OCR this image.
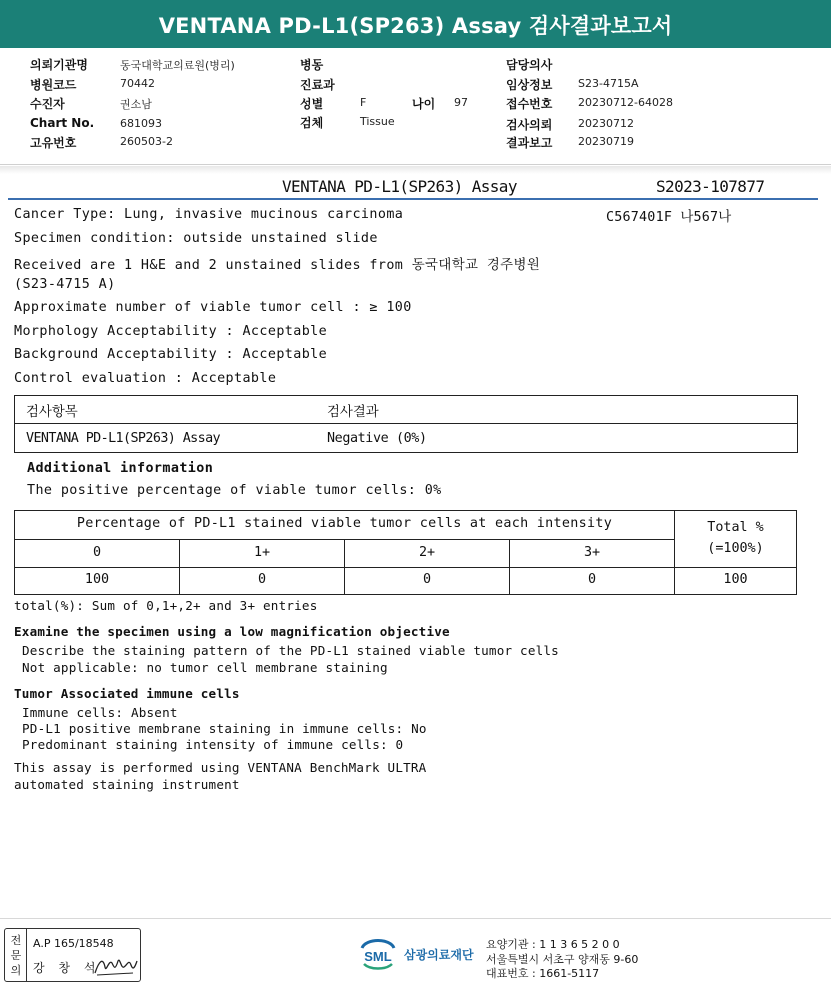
VENTANA PD-L1(SP263) Assay 검사결과보고서
의뢰기관명	동국대학교의료원(병리)
병원코드	70442
수진자	권소남
Chart No. 681093
고유번호	260503-2
병동
진료과
성별	F	나이 97
검체	Tissue
담당의사
임상정보 S23-4715A
접수번호 20230712-64028
검사의뢰 20230712
결과보고 20230719
VENTANA PD-L1(SP263) Assay	S2023-107877
C567401F 나567나
Cancer Type: Lung, invasive mucinous carcinoma
Specimen condition: outside unstained slide
Received are 1 H&E and 2 unstained slides from 동국대학교 경주병원
(S23-4715 A)
Approximate number of viable tumor cell : ≥ 100
Morphology Acceptability : Acceptable
Background Acceptability : Acceptable
Control evaluation : Acceptable
검사항목	검사결과
VENTANA PD-L1(SP263) Assay	Negative (0%)
Additional information
The positive percentage of viable tumor cells: 0%
Percentage of PD-L1 stained viable tumor cells at each intensity	Total %
(=100%)
0	1+	2+	3+
100	0	0	0	100
total(%): Sum of 0,1+,2+ and 3+ entries
Examine the specimen using a low magnification objective
Describe the staining pattern of the PD-L1 stained viable tumor cells
Not applicable: no tumor cell membrane staining
Tumor Associated immune cells
Immune cells: Absent
PD-L1 positive membrane staining in immune cells: No
Predominant staining intensity of immune cells: 0
This assay is performed using VENTANA BenchMark ULTRA
automated staining instrument
전문의
A.P 165/18548
강 창 석
SML 삼광의료재단
요양기관 : 1 1 3 6 5 2 0 0
서울특별시 서초구 양재동 9-60
대표번호 : 1661-5117
